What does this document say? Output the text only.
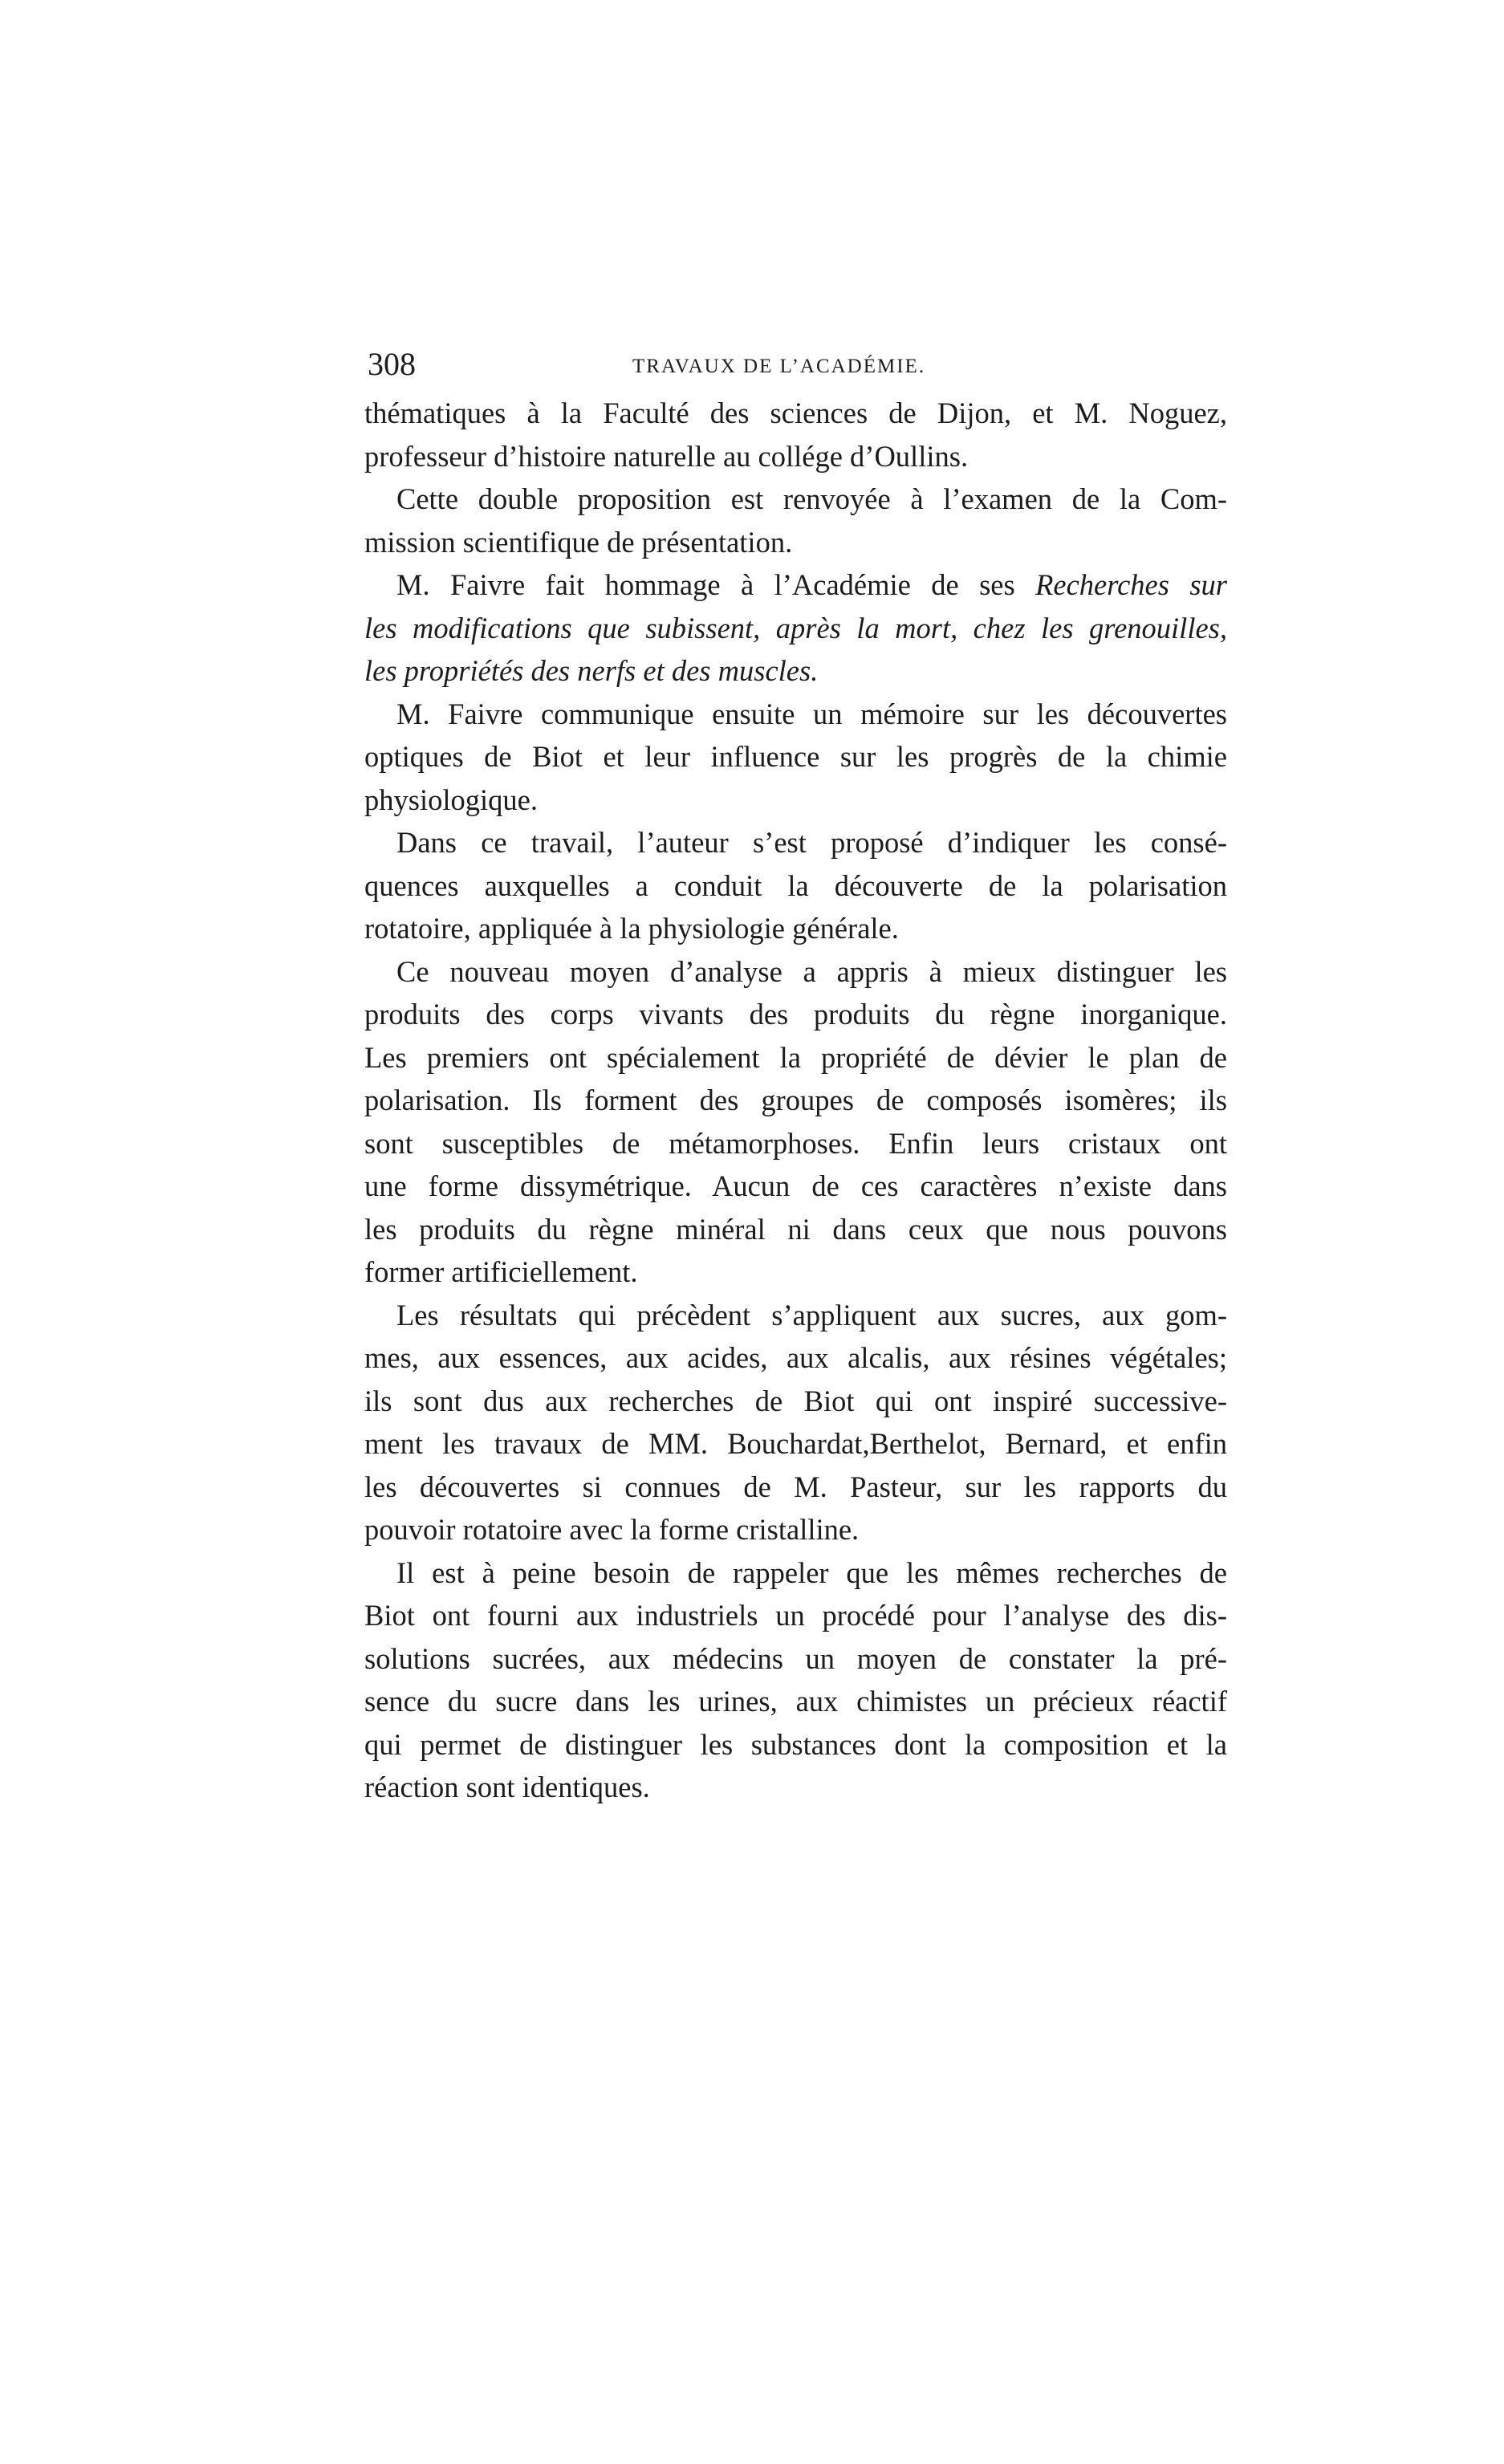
308	TRAVAUX DE L’ACADÉMIE.
thématiques à la Faculté des sciences de Dijon, et M. Noguez,
professeur d’histoire naturelle au collége d’Oullins.
Cette double proposition est renvoyée à l’examen de la Com-
mission scientifique de présentation.
M. Faivre fait hommage à l’Académie de ses Recherches sur
les modifications que subissent, après la mort, chez les grenouilles,
les propriétés des nerfs et des muscles.
M. Faivre communique ensuite un mémoire sur les découvertes
optiques de Biot et leur influence sur les progrès de la chimie
physiologique.
Dans ce travail, l’auteur s’est proposé d’indiquer les consé-
quences auxquelles a conduit la découverte de la polarisation
rotatoire, appliquée à la physiologie générale.
Ce nouveau moyen d’analyse a appris à mieux distinguer les
produits des corps vivants des produits du règne inorganique.
Les premiers ont spécialement la propriété de dévier le plan de
polarisation. Ils forment des groupes de composés isomères; ils
sont susceptibles de métamorphoses. Enfin leurs cristaux ont
une forme dissymétrique. Aucun de ces caractères n’existe dans
les produits du règne minéral ni dans ceux que nous pouvons
former artificiellement.
Les résultats qui précèdent s’appliquent aux sucres, aux gom-
mes, aux essences, aux acides, aux alcalis, aux résines végétales;
ils sont dus aux recherches de Biot qui ont inspiré successive-
ment les travaux de MM. Bouchardat,Berthelot, Bernard, et enfin
les découvertes si connues de M. Pasteur, sur les rapports du
pouvoir rotatoire avec la forme cristalline.
Il est à peine besoin de rappeler que les mêmes recherches de
Biot ont fourni aux industriels un procédé pour l’analyse des dis-
solutions sucrées, aux médecins un moyen de constater la pré-
sence du sucre dans les urines, aux chimistes un précieux réactif
qui permet de distinguer les substances dont la composition et la
réaction sont identiques.
